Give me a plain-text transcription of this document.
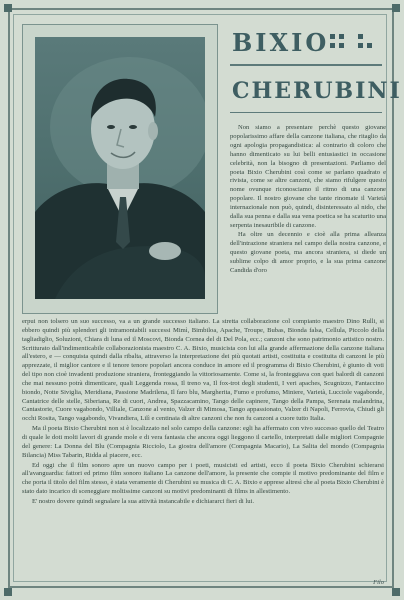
BIXIO
CHERUBINI

Non siamo a presentare perchè questo giovane popolarissimo affare della canzone italiana, che ritaglio da ogni apologia propagandistica: al contrario di coloro che hanno dimenticato su lui belli entusiastici in occasione celebrità, non la bisogno di presentazioni. Parliamo del poeta Bixio Cherubini così come se parlano quadrato e rivista, come se altre canzoni, che siamo rifulgere questo nome ovunque riconosciamo il ritmo di una canzone popolare. Il nostro giovane che tante rinomate il Varietà internazionale non può, quindi, disinteressato al nido, che dalla sua penna e dalla sua vena poetica se ha scaturito una serpenta inesauribile di canzone.

Ha oltre un decennio e cioè alla prima alleanza dell'intrazione straniera nel campo della nostra canzone, e questo giovane poeta, ma ancora straniera, si diede un sublime colpo di amor proprio, e la sua prima canzone Candida d'oro

erpui non tolsero un suo successo, va a un grande successo italiano. La stretta collaborazione col compianto maestro Dino Rulli, si ebbero quindi più splendori gli intramontabili successi Mimì, Bimbiloa, Apache, Troupe, Bubas, Bionda falsa, Cellula, Piccolo della tagliadiglio, Soluzioni, Chiara di luna ed il Moscovi, Bionda Cornea del di Del Pola, ecc.; canzoni che sono patrimonio artistico nostro. Scritturato dall'indimenticabile collaborazionista maestro C. A. Bixio, musicista con lui alla grande affermazione della canzone italiana all'estero, e — conquista quindi dalla ribalta, attraverso la interpretazione dei più quotati artisti, costituita e costituita di canzoni le più apprezzate, il miglior cantore e il tenore tenore popolari ancora conduce in amore ed il programma di Bixio Cherubini, è giunto di voti del tipo non cioè invadenti produzione straniera, fronteggiando la vittoriosamente. Come si, la fronteggiava con quei balordi di canzoni che mai nessuno potrà dimenticare, quali Leggenda rossa, Il treno va, Il fox-trot degli studenti, I veri apaches, Scugnizzo, Fantaccino biondo, Notte Siviglia, Meridiana, Passione Madrilena, Il faro blu, Margherita, Fumo e profumo, Miniere, Varietà, Lucciole vagabonde, Cantatrice delle stelle, Siberiana, Re di cuori, Andrea, Spazzacamino, Tango delle capinere, Tango della Pampa, Serenata malandrina, Cantastorie, Cuore vagabondo, Villiale, Canzone al vento, Valzer di Mimosa, Tango appassionato, Valzer di Napoli, Ferrovia, Chiudi gli occhi Rosita, Tango vagabondo, Vivandiera, Lilì e centinaia di altre canzoni che non fu canzoni a cuore tutto Italia.

Ma il poeta Bixio Cherubini non si è localizzato nel solo campo della canzone: egli ha affermato con vivo successo quello del Teatro di quale le doti molti lavori di grande mole e di vera fantasia che ancora oggi lieggono il cartello, interpretati dalle migliori Compagnie del genere: La Donna del Blu (Compagnia Ricciolo, La giostra dell'amore (Compagnia Macario), La Salita del mondo (Compagnia Bilancia) Miss Tabarin, Ridda al piacere, ecc.

Ed oggi che il film sonoro apre un nuovo campo per i poeti, musicisti ed artisti, ecco il poeta Bixio Cherubini schierarsi all'avanguardia: fattori ed primo film sonoro italiano La canzone dell'amore, la presente che compie il motivo predominante del film e che porta il titolo del film stesso, è stata veramente di Cherubini su musica di C. A. Bixio e apprese altresì che al poeta Bixio Cherubini è stato dato incarico di sceneggiare moltissime canzoni su motivi predominanti di films in allestimento.

E' nostro dovere quindi segnalare la sua attività instancabile e dichiararci fieri di lui.

Filo
